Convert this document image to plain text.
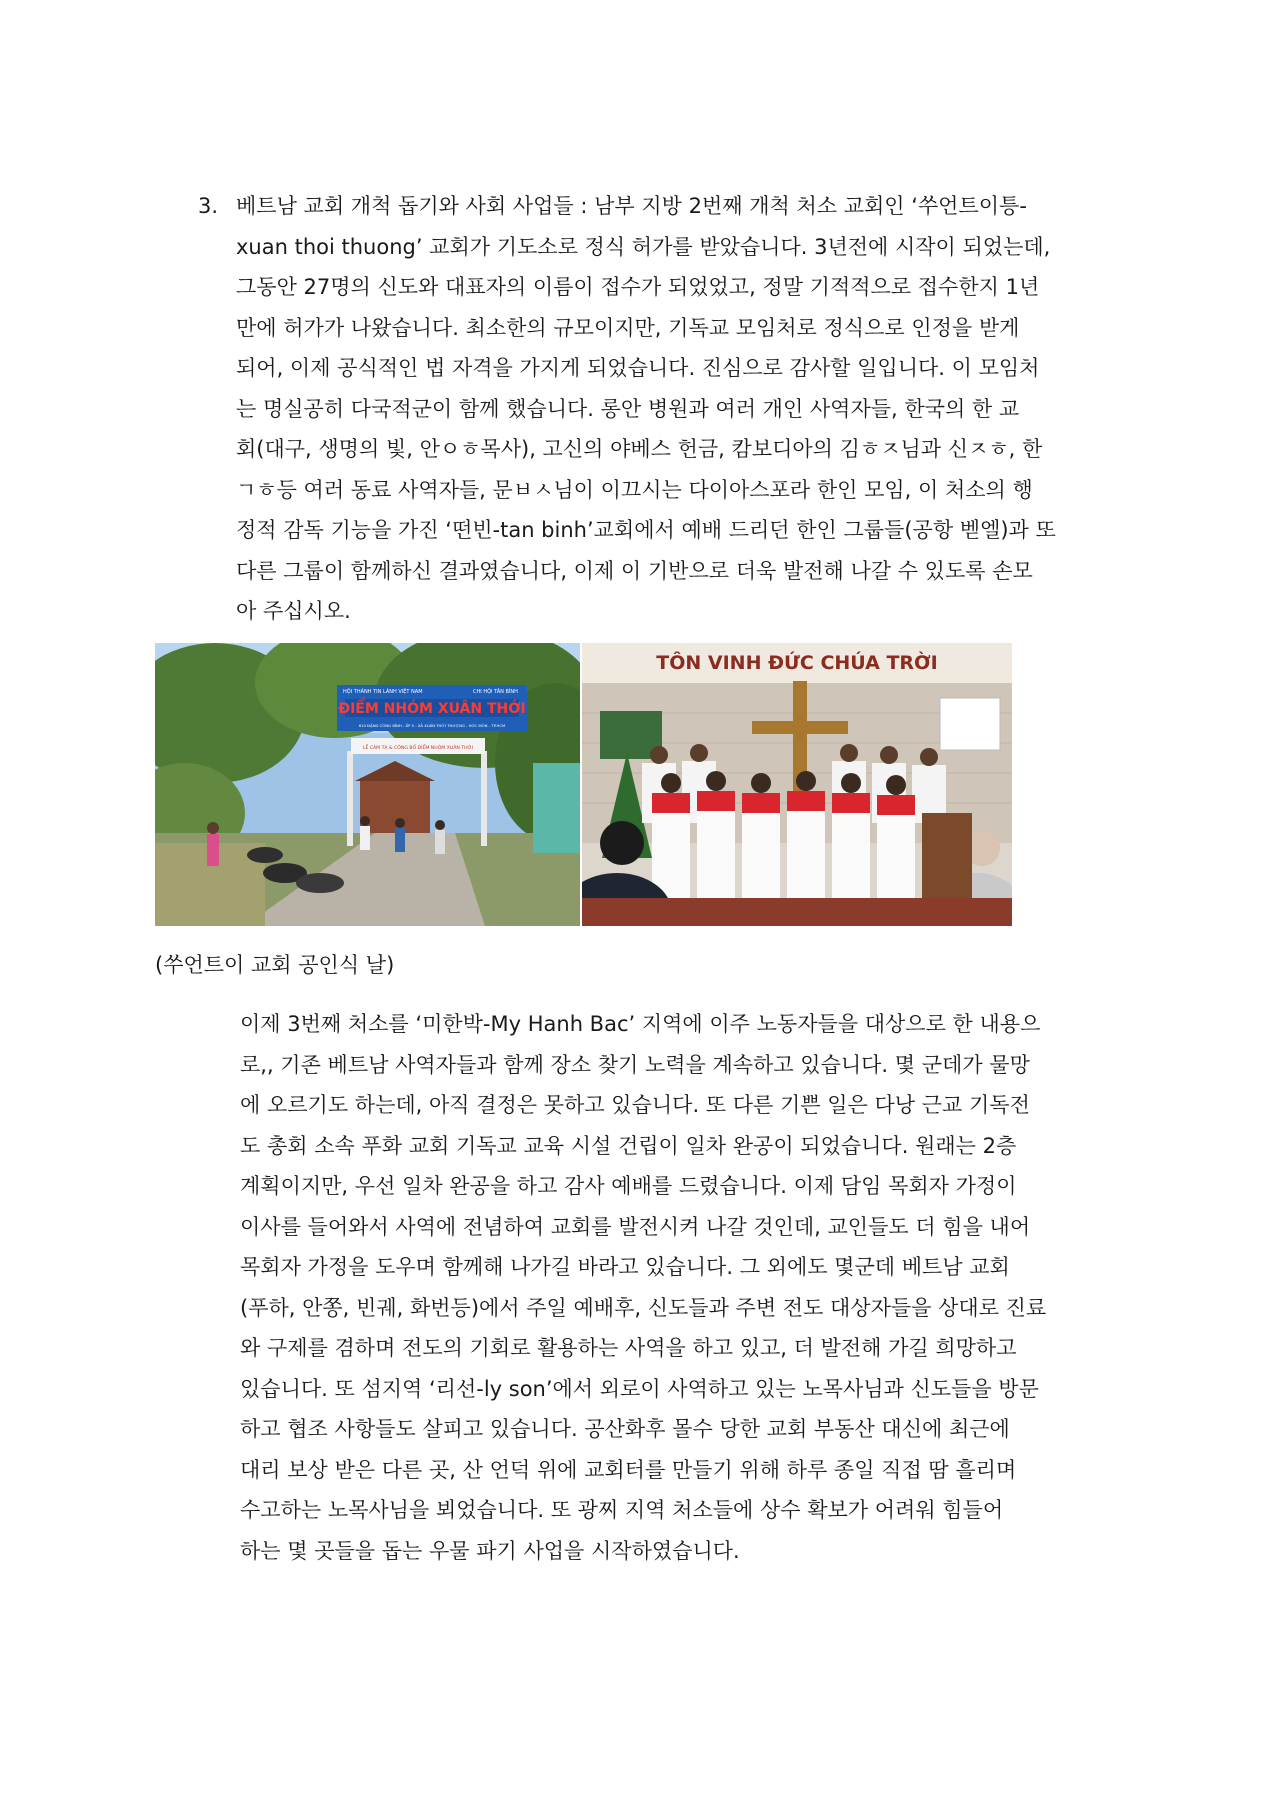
3. 베트남 교회 개척 돕기와 사회 사업들 : 남부 지방 2번째 개척 처소 교회인 ‘쑤언트이틍-
xuan thoi thuong’ 교회가 기도소로 정식 허가를 받았습니다. 3년전에 시작이 되었는데,
그동안 27명의 신도와 대표자의 이름이 접수가 되었었고, 정말 기적적으로 접수한지 1년
만에 허가가 나왔습니다. 최소한의 규모이지만, 기독교 모임처로 정식으로 인정을 받게
되어, 이제 공식적인 법 자격을 가지게 되었습니다. 진심으로 감사할 일입니다. 이 모임처
는 명실공히 다국적군이 함께 했습니다. 롱안 병원과 여러 개인 사역자들, 한국의 한 교
회(대구, 생명의 빛, 안ㅇㅎ목사), 고신의 야베스 헌금, 캄보디아의 김ㅎㅈ님과 신ㅈㅎ, 한
ㄱㅎ등 여러 동료 사역자들, 문ㅂㅅ님이 이끄시는 다이아스포라 한인 모임, 이 처소의 행
정적 감독 기능을 가진 ‘떤빈-tan binh’교회에서 예배 드리던 한인 그룹들(공항 벧엘)과 또
다른 그룹이 함께하신 결과였습니다, 이제 이 기반으로 더욱 발전해 나갈 수 있도록 손모
아 주십시오.
HỘI THÁNH TIN LÀNH VIỆT NAM	CHI HỘI TÂN BÌNH
ĐIỂM NHÓM XUÂN THỚI
610 ĐẶNG CÔNG BỈNH - ẤP 5 - XÃ XUÂN THỚI THƯỢNG - HÓC MÔN - TP.HCM
LỄ CẢM TẠ & CÔNG BỐ ĐIỂM NHÓM XUÂN THỚI
TÔN VINH ĐỨC CHÚA TRỜI
(쑤언트이 교회 공인식 날)
이제 3번째 처소를 ‘미한박-My Hanh Bac’ 지역에 이주 노동자들을 대상으로 한 내용으
로,, 기존 베트남 사역자들과 함께 장소 찾기 노력을 계속하고 있습니다. 몇 군데가 물망
에 오르기도 하는데, 아직 결정은 못하고 있습니다. 또 다른 기쁜 일은 다낭 근교 기독전
도 총회 소속 푸화 교회 기독교 교육 시설 건립이 일차 완공이 되었습니다. 원래는 2층
계획이지만, 우선 일차 완공을 하고 감사 예배를 드렸습니다. 이제 담임 목회자 가정이
이사를 들어와서 사역에 전념하여 교회를 발전시켜 나갈 것인데, 교인들도 더 힘을 내어
목회자 가정을 도우며 함께해 나가길 바라고 있습니다. 그 외에도 몇군데 베트남 교회
(푸하, 안쫑, 빈궤, 화번등)에서 주일 예배후, 신도들과 주변 전도 대상자들을 상대로 진료
와 구제를 겸하며 전도의 기회로 활용하는 사역을 하고 있고, 더 발전해 가길 희망하고
있습니다. 또 섬지역 ‘리선-ly son’에서 외로이 사역하고 있는 노목사님과 신도들을 방문
하고 협조 사항들도 살피고 있습니다. 공산화후 몰수 당한 교회 부동산 대신에 최근에
대리 보상 받은 다른 곳, 산 언덕 위에 교회터를 만들기 위해 하루 종일 직접 땀 흘리며
수고하는 노목사님을 뵈었습니다. 또 광찌 지역 처소들에 상수 확보가 어려워 힘들어
하는 몇 곳들을 돕는 우물 파기 사업을 시작하였습니다.
